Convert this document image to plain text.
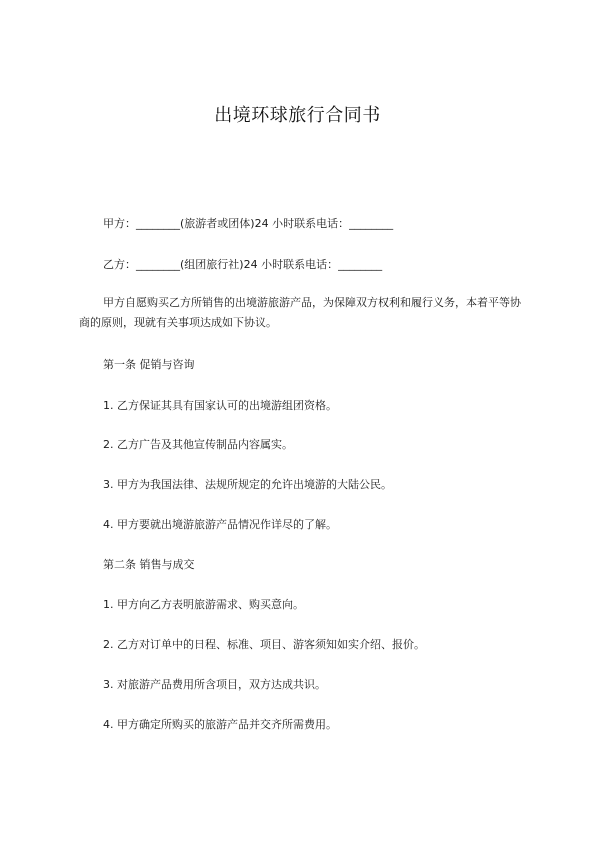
出境环球旅行合同书
甲方：________(旅游者或团体)24 小时联系电话：________
乙方：________(组团旅行社)24 小时联系电话：________
甲方自愿购买乙方所销售的出境游旅游产品，为保障双方权利和履行义务，本着平等协商的原则，现就有关事项达成如下协议。
第一条 促销与咨询
1. 乙方保证其具有国家认可的出境游组团资格。
2. 乙方广告及其他宣传制品内容属实。
3. 甲方为我国法律、法规所规定的允许出境游的大陆公民。
4. 甲方要就出境游旅游产品情况作详尽的了解。
第二条 销售与成交
1. 甲方向乙方表明旅游需求、购买意向。
2. 乙方对订单中的日程、标准、项目、游客须知如实介绍、报价。
3. 对旅游产品费用所含项目，双方达成共识。
4. 甲方确定所购买的旅游产品并交齐所需费用。
